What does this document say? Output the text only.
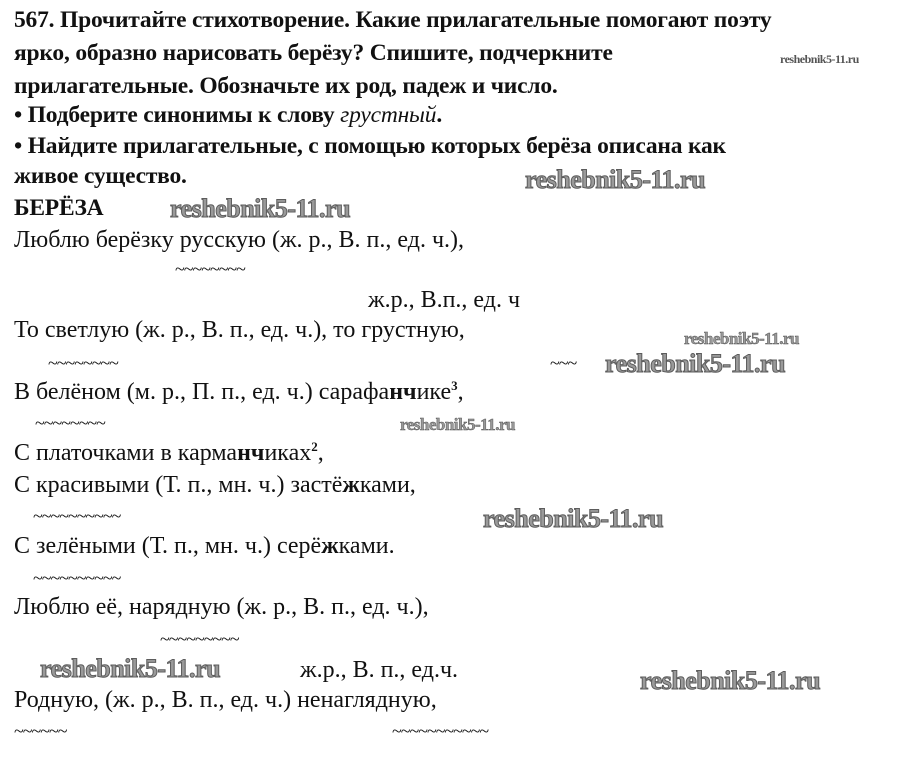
567. Прочитайте стихотворение. Какие прилагательные помогают поэту
ярко, образно нарисовать берёзу? Спишите, подчеркните
прилагательные. Обозначьте их род, падеж и число.
• Подберите синонимы к слову грустный.
• Найдите прилагательные, с помощью которых берёза описана как
живое существо.
БЕРЁЗА
Люблю берёзку русскую (ж. р., В. п., ед. ч.),
~~~~~~~~
ж.р., В.п., ед. ч
То светлую (ж. р., В. п., ед. ч.), то грустную,
~~~~~~~~	~~~
В белёном (м. р., П. п., ед. ч.) сарафанчике$^3$,
~~~~~~~~
С платочками в карманчиках$^2$,
С красивыми (Т. п., мн. ч.) застёжками,
~~~~~~~~~~
С зелёными (Т. п., мн. ч.) серёжками.
~~~~~~~~~~
Люблю её, нарядную (ж. р., В. п., ед. ч.),
~~~~~~~~~
ж.р., В. п., ед.ч.
Родную, (ж. р., В. п., ед. ч.) ненаглядную,
~~~~~~	~~~~~~~~~~~
reshebnik5-11.ru
reshebnik5-11.ru
reshebnik5-11.ru
reshebnik5-11.ru
reshebnik5-11.ru
reshebnik5-11.ru
reshebnik5-11.ru
reshebnik5-11.ru	reshebnik5-11.ru
